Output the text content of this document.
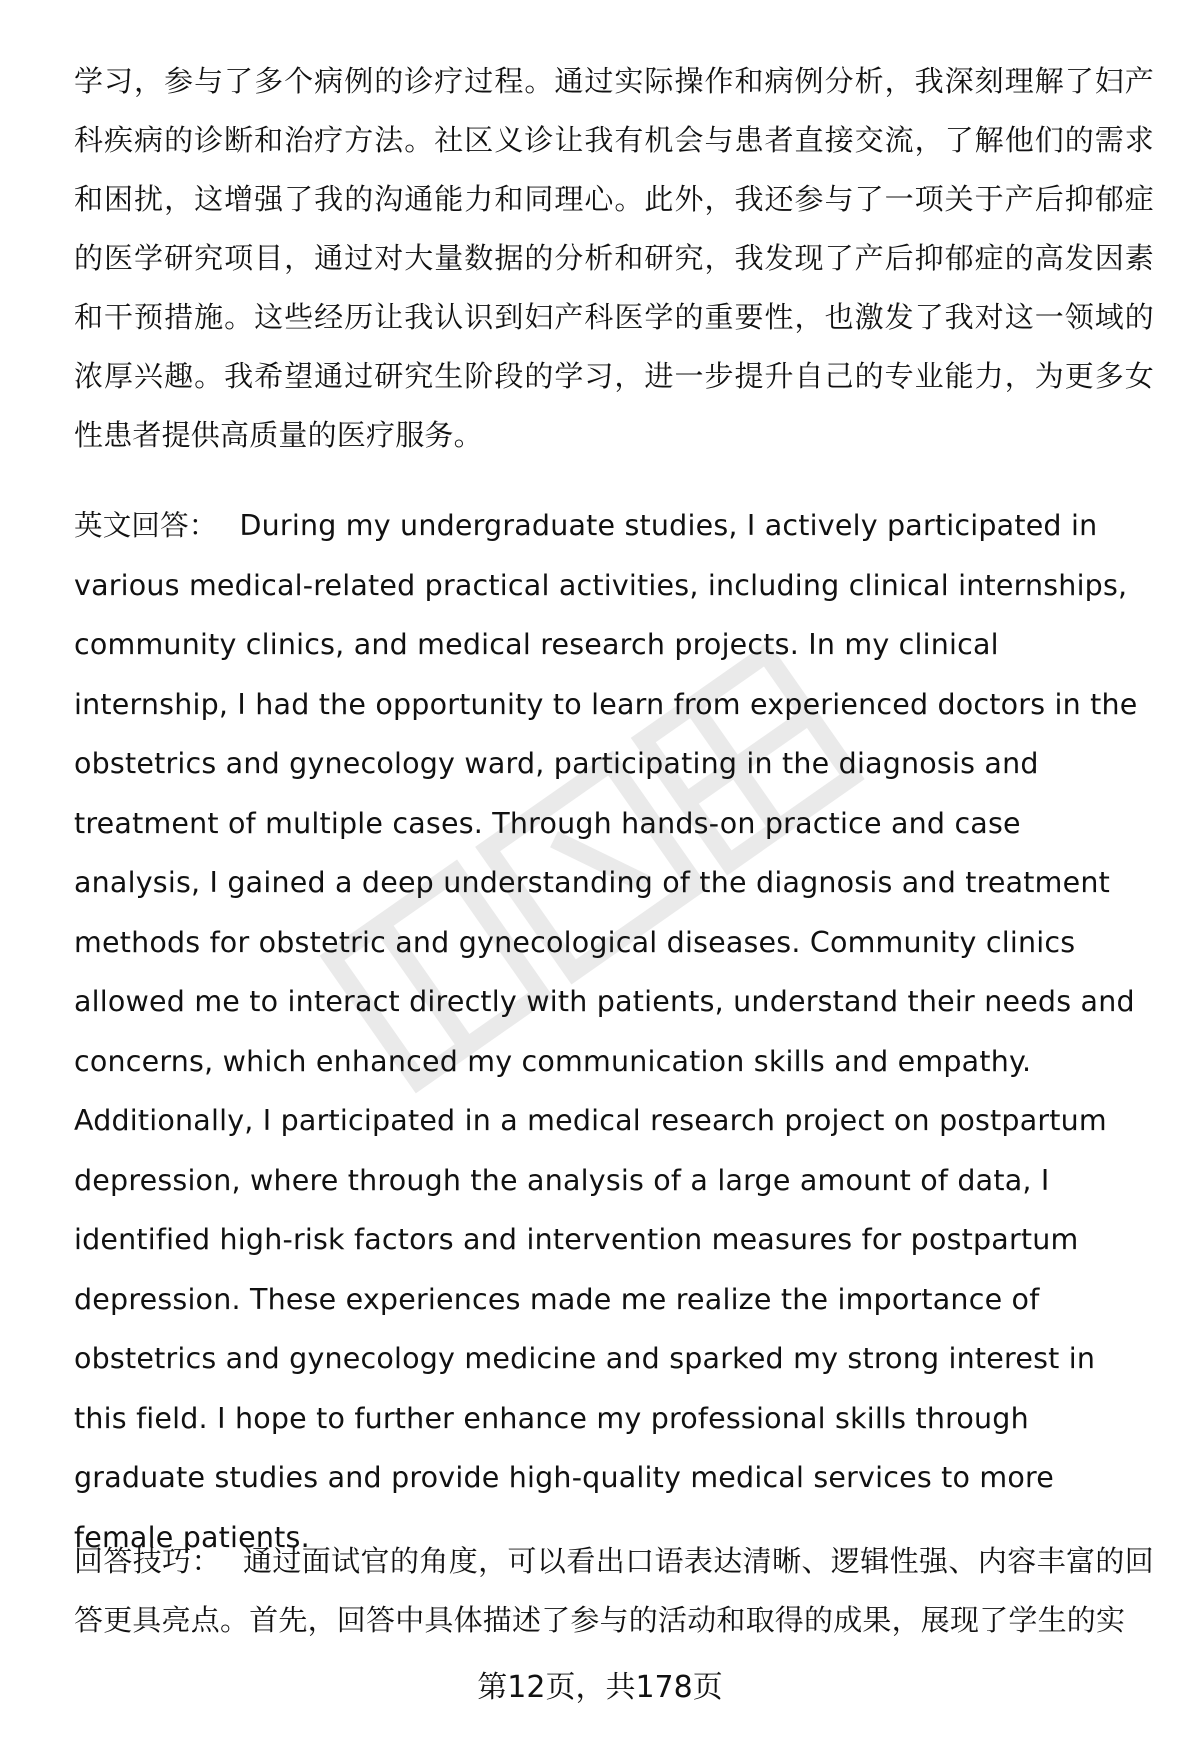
学习，参与了多个病例的诊疗过程。通过实际操作和病例分析，我深刻理解了妇产科疾病的诊断和治疗方法。社区义诊让我有机会与患者直接交流，了解他们的需求和困扰，这增强了我的沟通能力和同理心。此外，我还参与了一项关于产后抑郁症的医学研究项目，通过对大量数据的分析和研究，我发现了产后抑郁症的高发因素和干预措施。这些经历让我认识到妇产科医学的重要性，也激发了我对这一领域的浓厚兴趣。我希望通过研究生阶段的学习，进一步提升自己的专业能力，为更多女性患者提供高质量的医疗服务。
英文回答： During my undergraduate studies, I actively participated in various medical-related practical activities, including clinical internships, community clinics, and medical research projects. In my clinical internship, I had the opportunity to learn from experienced doctors in the obstetrics and gynecology ward, participating in the diagnosis and treatment of multiple cases. Through hands-on practice and case analysis, I gained a deep understanding of the diagnosis and treatment methods for obstetric and gynecological diseases. Community clinics allowed me to interact directly with patients, understand their needs and concerns, which enhanced my communication skills and empathy. Additionally, I participated in a medical research project on postpartum depression, where through the analysis of a large amount of data, I identified high-risk factors and intervention measures for postpartum depression. These experiences made me realize the importance of obstetrics and gynecology medicine and sparked my strong interest in this field. I hope to further enhance my professional skills through graduate studies and provide high-quality medical services to more female patients.
回答技巧： 通过面试官的角度，可以看出口语表达清晰、逻辑性强、内容丰富的回答更具亮点。首先，回答中具体描述了参与的活动和取得的成果，展现了学生的实
第12页，共178页
